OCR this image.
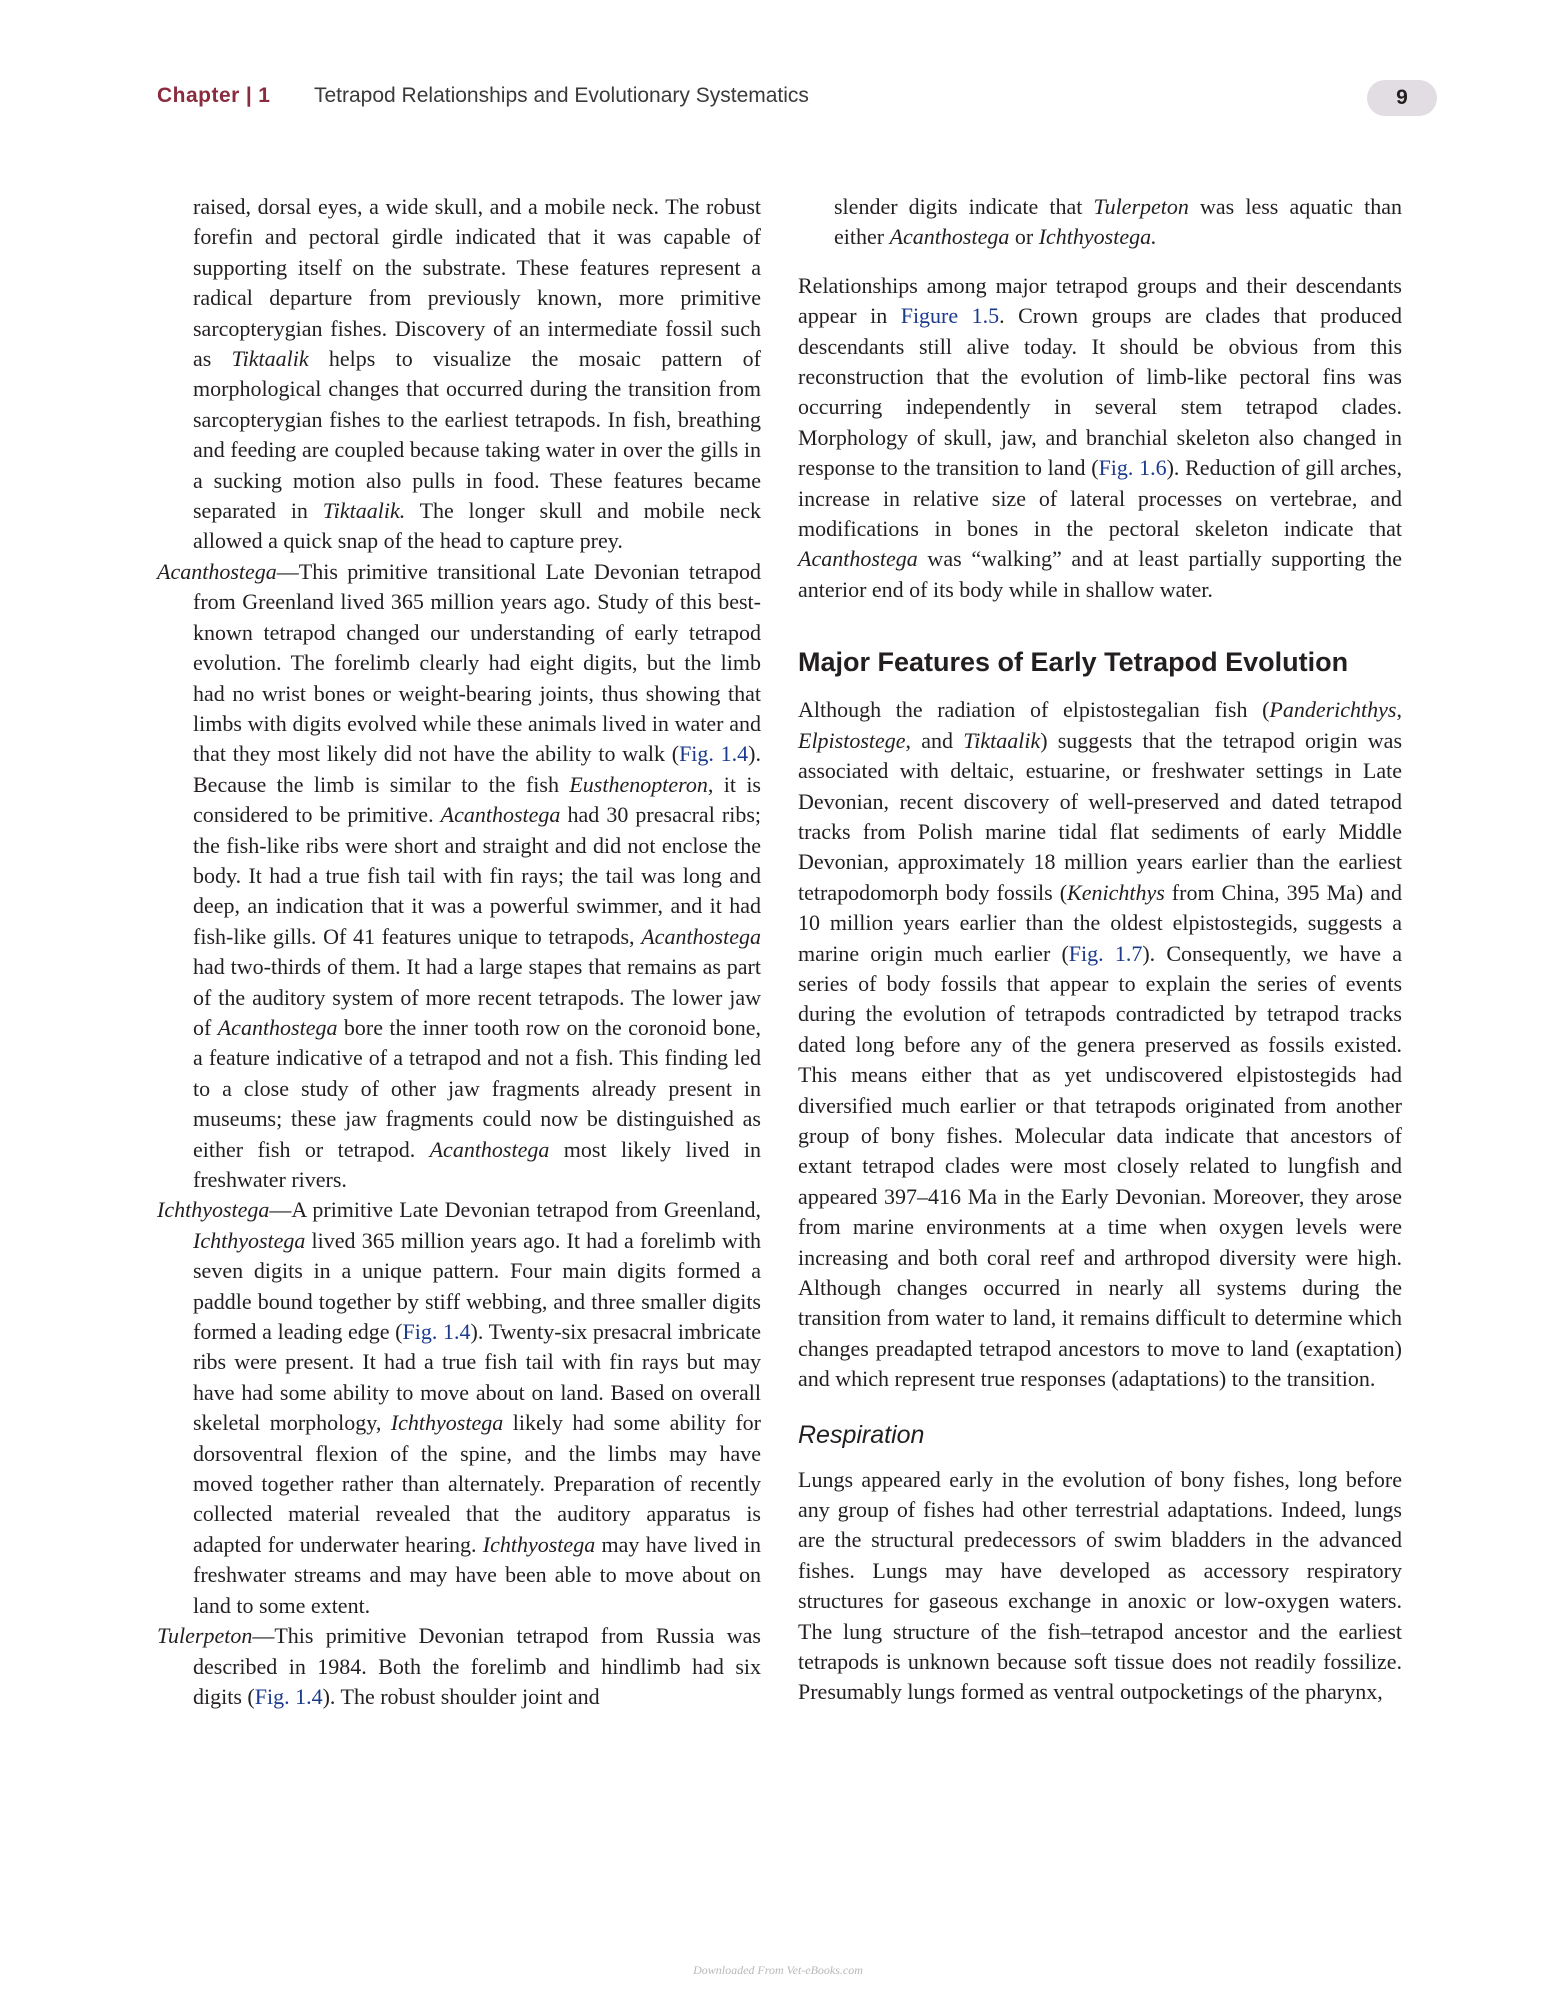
Chapter | 1 Tetrapod Relationships and Evolutionary Systematics	9

raised, dorsal eyes, a wide skull, and a mobile neck. The robust forefin and pectoral girdle indicated that it was capable of supporting itself on the substrate. These features represent a radical departure from previously known, more primitive sarcopterygian fishes. Discovery of an intermediate fossil such as Tiktaalik helps to visualize the mosaic pattern of morphological changes that occurred during the transition from sarcopterygian fishes to the earliest tetrapods. In fish, breathing and feeding are coupled because taking water in over the gills in a sucking motion also pulls in food. These features became separated in Tiktaalik. The longer skull and mobile neck allowed a quick snap of the head to capture prey.

Acanthostega—This primitive transitional Late Devonian tetrapod from Greenland lived 365 million years ago. Study of this best-known tetrapod changed our understanding of early tetrapod evolution. The forelimb clearly had eight digits, but the limb had no wrist bones or weight-bearing joints, thus showing that limbs with digits evolved while these animals lived in water and that they most likely did not have the ability to walk (Fig. 1.4). Because the limb is similar to the fish Eusthenopteron, it is considered to be primitive. Acanthostega had 30 presacral ribs; the fish-like ribs were short and straight and did not enclose the body. It had a true fish tail with fin rays; the tail was long and deep, an indication that it was a powerful swimmer, and it had fish-like gills. Of 41 features unique to tetrapods, Acanthostega had two-thirds of them. It had a large stapes that remains as part of the auditory system of more recent tetrapods. The lower jaw of Acanthostega bore the inner tooth row on the coronoid bone, a feature indicative of a tetrapod and not a fish. This finding led to a close study of other jaw fragments already present in museums; these jaw fragments could now be distinguished as either fish or tetrapod. Acanthostega most likely lived in freshwater rivers.

Ichthyostega—A primitive Late Devonian tetrapod from Greenland, Ichthyostega lived 365 million years ago. It had a forelimb with seven digits in a unique pattern. Four main digits formed a paddle bound together by stiff webbing, and three smaller digits formed a leading edge (Fig. 1.4). Twenty-six presacral imbricate ribs were present. It had a true fish tail with fin rays but may have had some ability to move about on land. Based on overall skeletal morphology, Ichthyostega likely had some ability for dorsoventral flexion of the spine, and the limbs may have moved together rather than alternately. Preparation of recently collected material revealed that the auditory apparatus is adapted for underwater hearing. Ichthyostega may have lived in freshwater streams and may have been able to move about on land to some extent.

Tulerpeton—This primitive Devonian tetrapod from Russia was described in 1984. Both the forelimb and hindlimb had six digits (Fig. 1.4). The robust shoulder joint and

slender digits indicate that Tulerpeton was less aquatic than either Acanthostega or Ichthyostega.

Relationships among major tetrapod groups and their descendants appear in Figure 1.5. Crown groups are clades that produced descendants still alive today. It should be obvious from this reconstruction that the evolution of limb-like pectoral fins was occurring independently in several stem tetrapod clades. Morphology of skull, jaw, and branchial skeleton also changed in response to the transition to land (Fig. 1.6). Reduction of gill arches, increase in relative size of lateral processes on vertebrae, and modifications in bones in the pectoral skeleton indicate that Acanthostega was “walking” and at least partially supporting the anterior end of its body while in shallow water.

Major Features of Early Tetrapod Evolution

Although the radiation of elpistostegalian fish (Panderichthys, Elpistostege, and Tiktaalik) suggests that the tetrapod origin was associated with deltaic, estuarine, or freshwater settings in Late Devonian, recent discovery of well-preserved and dated tetrapod tracks from Polish marine tidal flat sediments of early Middle Devonian, approximately 18 million years earlier than the earliest tetrapodomorph body fossils (Kenichthys from China, 395 Ma) and 10 million years earlier than the oldest elpistostegids, suggests a marine origin much earlier (Fig. 1.7). Consequently, we have a series of body fossils that appear to explain the series of events during the evolution of tetrapods contradicted by tetrapod tracks dated long before any of the genera preserved as fossils existed. This means either that as yet undiscovered elpistostegids had diversified much earlier or that tetrapods originated from another group of bony fishes. Molecular data indicate that ancestors of extant tetrapod clades were most closely related to lungfish and appeared 397–416 Ma in the Early Devonian. Moreover, they arose from marine environments at a time when oxygen levels were increasing and both coral reef and arthropod diversity were high. Although changes occurred in nearly all systems during the transition from water to land, it remains difficult to determine which changes preadapted tetrapod ancestors to move to land (exaptation) and which represent true responses (adaptations) to the transition.

Respiration

Lungs appeared early in the evolution of bony fishes, long before any group of fishes had other terrestrial adaptations. Indeed, lungs are the structural predecessors of swim bladders in the advanced fishes. Lungs may have developed as accessory respiratory structures for gaseous exchange in anoxic or low-oxygen waters. The lung structure of the fish–tetrapod ancestor and the earliest tetrapods is unknown because soft tissue does not readily fossilize. Presumably lungs formed as ventral outpocketings of the pharynx,

Downloaded From Vet-eBooks.com
